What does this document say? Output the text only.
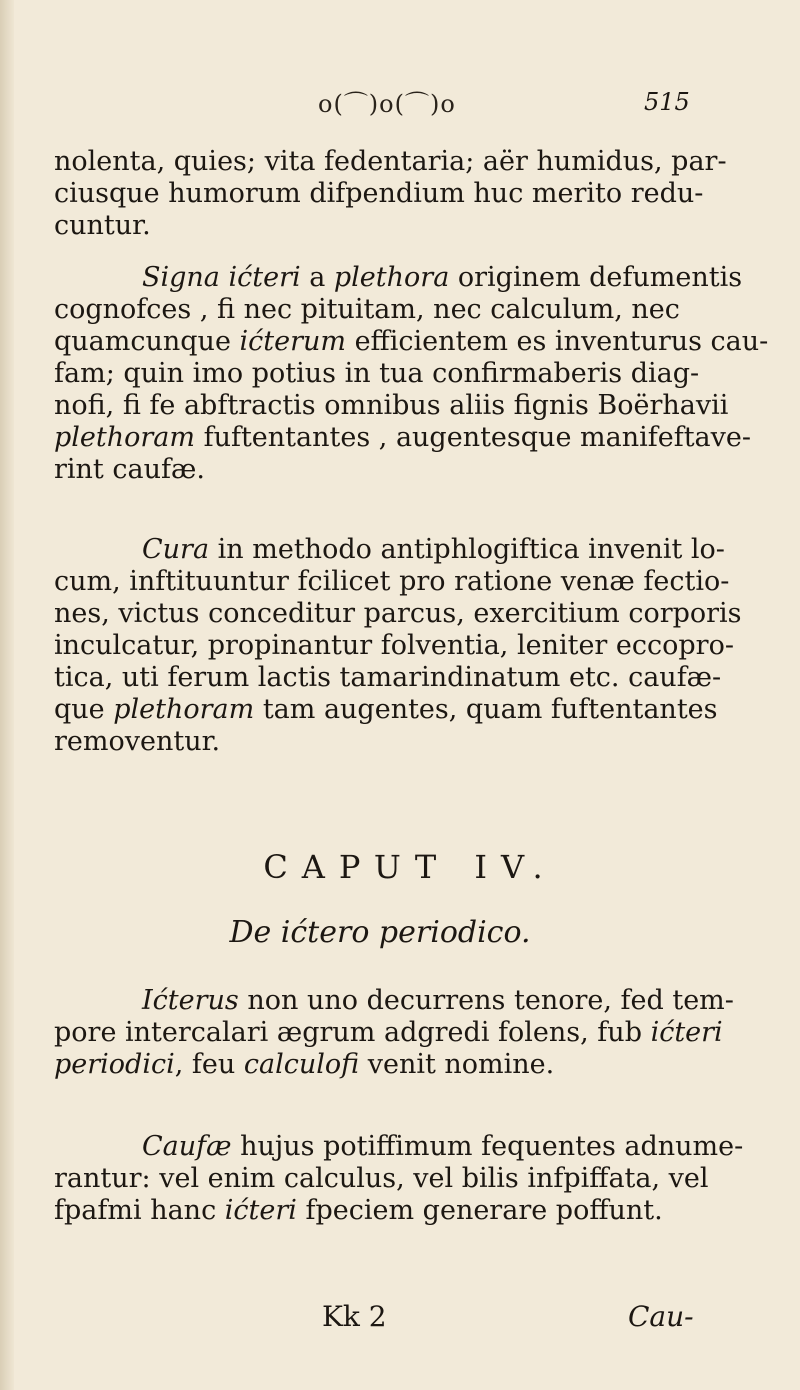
o(⌒)o(⌒)o	515

nolenta, quies; vita fedentaria; aër humidus, par-
ciusque humorum difpendium huc merito redu-
cuntur.

Signa ićteri a plethora originem defumentis
cognofces , fi nec pituitam, nec calculum, nec
quamcunque ićterum efficientem es inventurus cau-
fam; quin imo potius in tua confirmaberis diag-
nofi, fi fe abftractis omnibus aliis fignis Boërhavii
plethoram fuftentantes , augentesque manifeftave-
rint caufæ.

Cura in methodo antiphlogiftica invenit lo-
cum, inftituuntur fcilicet pro ratione venæ fectio-
nes, victus conceditur parcus, exercitium corporis
inculcatur, propinantur folventia, leniter eccopro-
tica, uti ferum lactis tamarindinatum etc. caufæ-
que plethoram tam augentes, quam fuftentantes
removentur.

CAPUT IV.
De ićtero periodico.

Ićterus non uno decurrens tenore, fed tem-
pore intercalari ægrum adgredi folens, fub ićteri
periodici, feu calculofi venit nomine.

Caufæ hujus potiffimum fequentes adnume-
rantur: vel enim calculus, vel bilis infpiffata, vel
fpafmi hanc ićteri fpeciem generare poffunt.

Kk 2	Cau-
